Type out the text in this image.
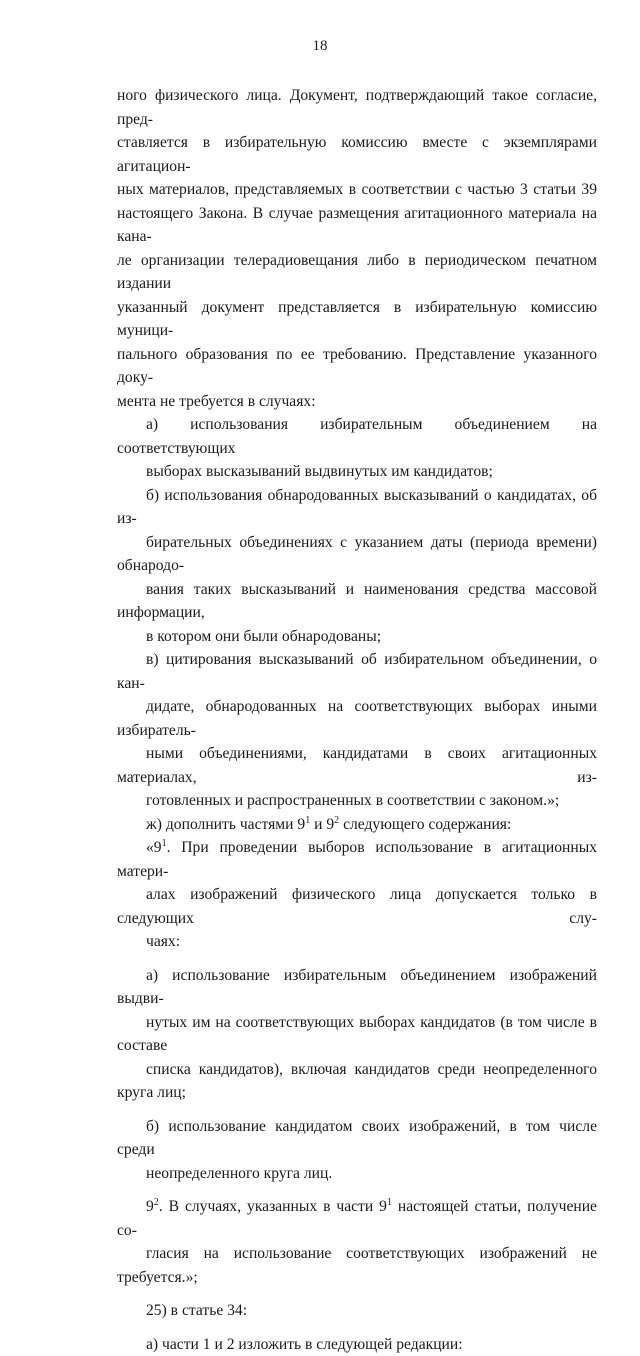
18

ного физического лица. Документ, подтверждающий такое согласие, пред-
ставляется в избирательную комиссию вместе с экземплярами агитацион-
ных материалов, представляемых в соответствии с частью 3 статьи 39
настоящего Закона. В случае размещения агитационного материала на кана-
ле организации телерадиовещания либо в периодическом печатном издании
указанный документ представляется в избирательную комиссию муници-
пального образования по ее требованию. Представление указанного доку-
мента не требуется в случаях:

а) использования избирательным объединением на соответствующих
выборах высказываний выдвинутых им кандидатов;

б) использования обнародованных высказываний о кандидатах, об из-
бирательных объединениях с указанием даты (периода времени) обнародо-
вания таких высказываний и наименования средства массовой информации,
в котором они были обнародованы;

в) цитирования высказываний об избирательном объединении, о кан-
дидате, обнародованных на соответствующих выборах иными избиратель-
ными объединениями, кандидатами в своих агитационных материалах, из-
готовленных и распространенных в соответствии с законом.»;

ж) дополнить частями $9^1$ и $9^2$ следующего содержания:

«$9^1$. При проведении выборов использование в агитационных матери-
алах изображений физического лица допускается только в следующих слу-
чаях:

а) использование избирательным объединением изображений выдви-
нутых им на соответствующих выборах кандидатов (в том числе в составе
списка кандидатов), включая кандидатов среди неопределенного круга лиц;

б) использование кандидатом своих изображений, в том числе среди
неопределенного круга лиц.

$9^2$. В случаях, указанных в части $9^1$ настоящей статьи, получение со-
гласия на использование соответствующих изображений не требуется.»;

25) в статье 34:

а) части 1 и 2 изложить в следующей редакции:
